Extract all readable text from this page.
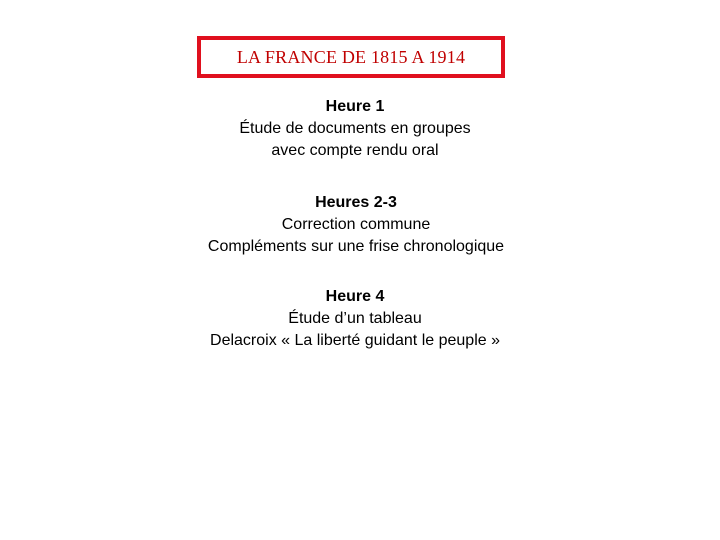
LA FRANCE DE 1815 A 1914
Heure 1
Étude de documents en groupes
avec compte rendu oral
Heures 2-3
Correction commune
Compléments sur une frise chronologique
Heure 4
Étude d’un tableau
Delacroix « La liberté guidant le peuple »
